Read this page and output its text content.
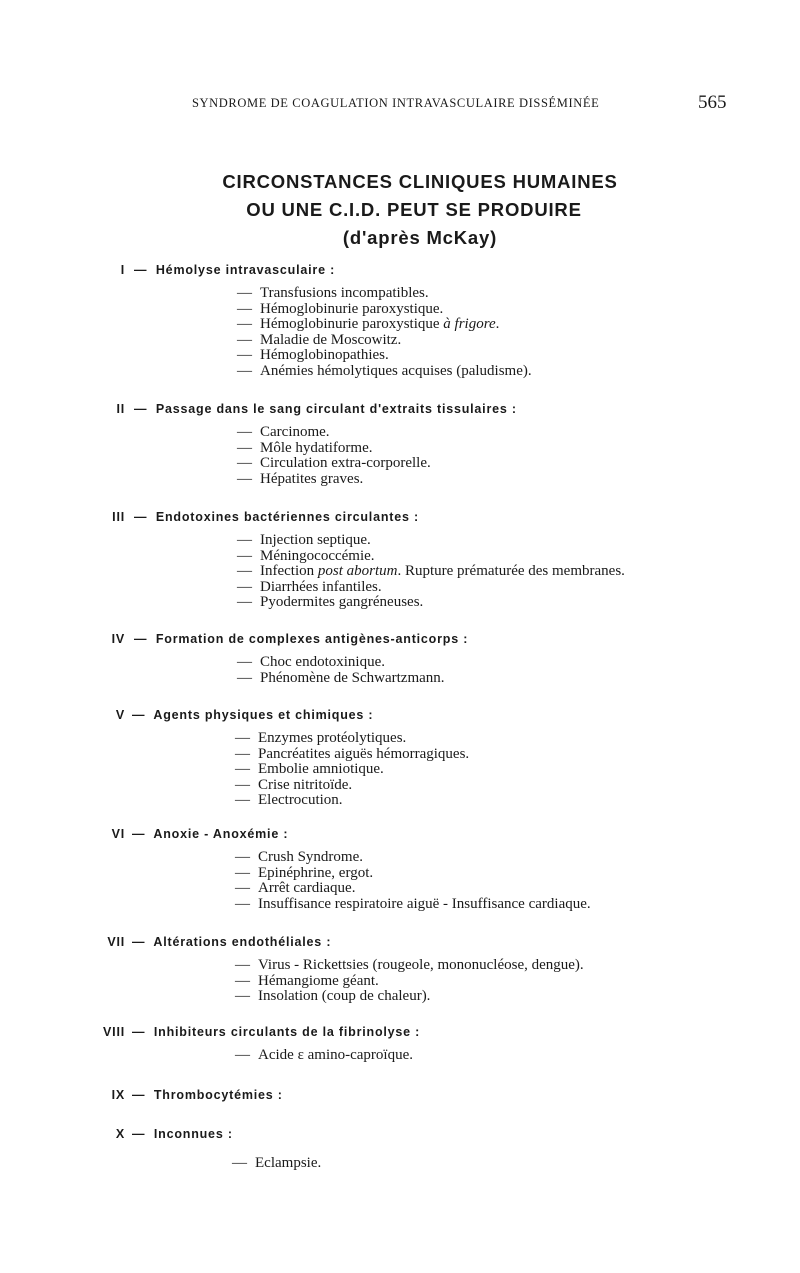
SYNDROME DE COAGULATION INTRAVASCULAIRE DISSÉMINÉE	565
CIRCONSTANCES CLINIQUES HUMAINES
OU UNE C.I.D. PEUT SE PRODUIRE
(d'après McKay)
I — Hémolyse intravasculaire :
— Transfusions incompatibles.
— Hémoglobinurie paroxystique.
— Hémoglobinurie paroxystique à frigore.
— Maladie de Moscowitz.
— Hémoglobinopathies.
— Anémies hémolytiques acquises (paludisme).
II — Passage dans le sang circulant d'extraits tissulaires :
— Carcinome.
— Môle hydatiforme.
— Circulation extra-corporelle.
— Hépatites graves.
III — Endotoxines bactériennes circulantes :
— Injection septique.
— Méningococcémie.
— Infection post abortum. Rupture prématurée des membranes.
— Diarrhées infantiles.
— Pyodermites gangréneuses.
IV — Formation de complexes antigènes-anticorps :
— Choc endotoxinique.
— Phénomène de Schwartzmann.
V — Agents physiques et chimiques :
— Enzymes protéolytiques.
— Pancréatites aiguës hémorragiques.
— Embolie amniotique.
— Crise nitritoïde.
— Electrocution.
VI — Anoxie - Anoxémie :
— Crush Syndrome.
— Epinéphrine, ergot.
— Arrêt cardiaque.
— Insuffisance respiratoire aiguë - Insuffisance cardiaque.
VII — Altérations endothéliales :
— Virus - Rickettsies (rougeole, mononucléose, dengue).
— Hémangiome géant.
— Insolation (coup de chaleur).
VIII — Inhibiteurs circulants de la fibrinolyse :
— Acide ε amino-caproïque.
IX — Thrombocytémies :
X — Inconnues :
— Eclampsie.
